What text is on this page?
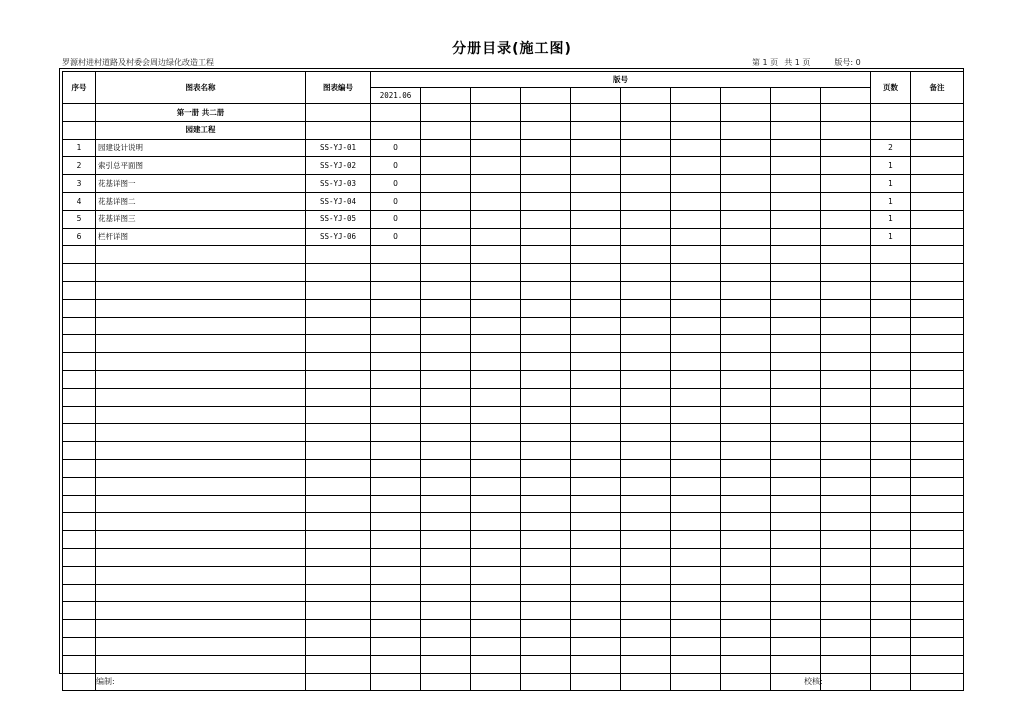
分册目录(施工图)
罗源村进村道路及村委会周边绿化改造工程	第 1 页 共 1 页	版号: 0
序号	图表名称	图表编号	版号										页数	备注
			2021.06											
	第一册 共二册													
	园建工程													
1	园建设计说明	SS-YJ-01	0										2	
2	索引总平面图	SS-YJ-02	0										1	
3	花基详图一	SS-YJ-03	0										1	
4	花基详图二	SS-YJ-04	0										1	
5	花基详图三	SS-YJ-05	0										1	
6	栏杆详图	SS-YJ-06	0										1	

编制:	校核:
